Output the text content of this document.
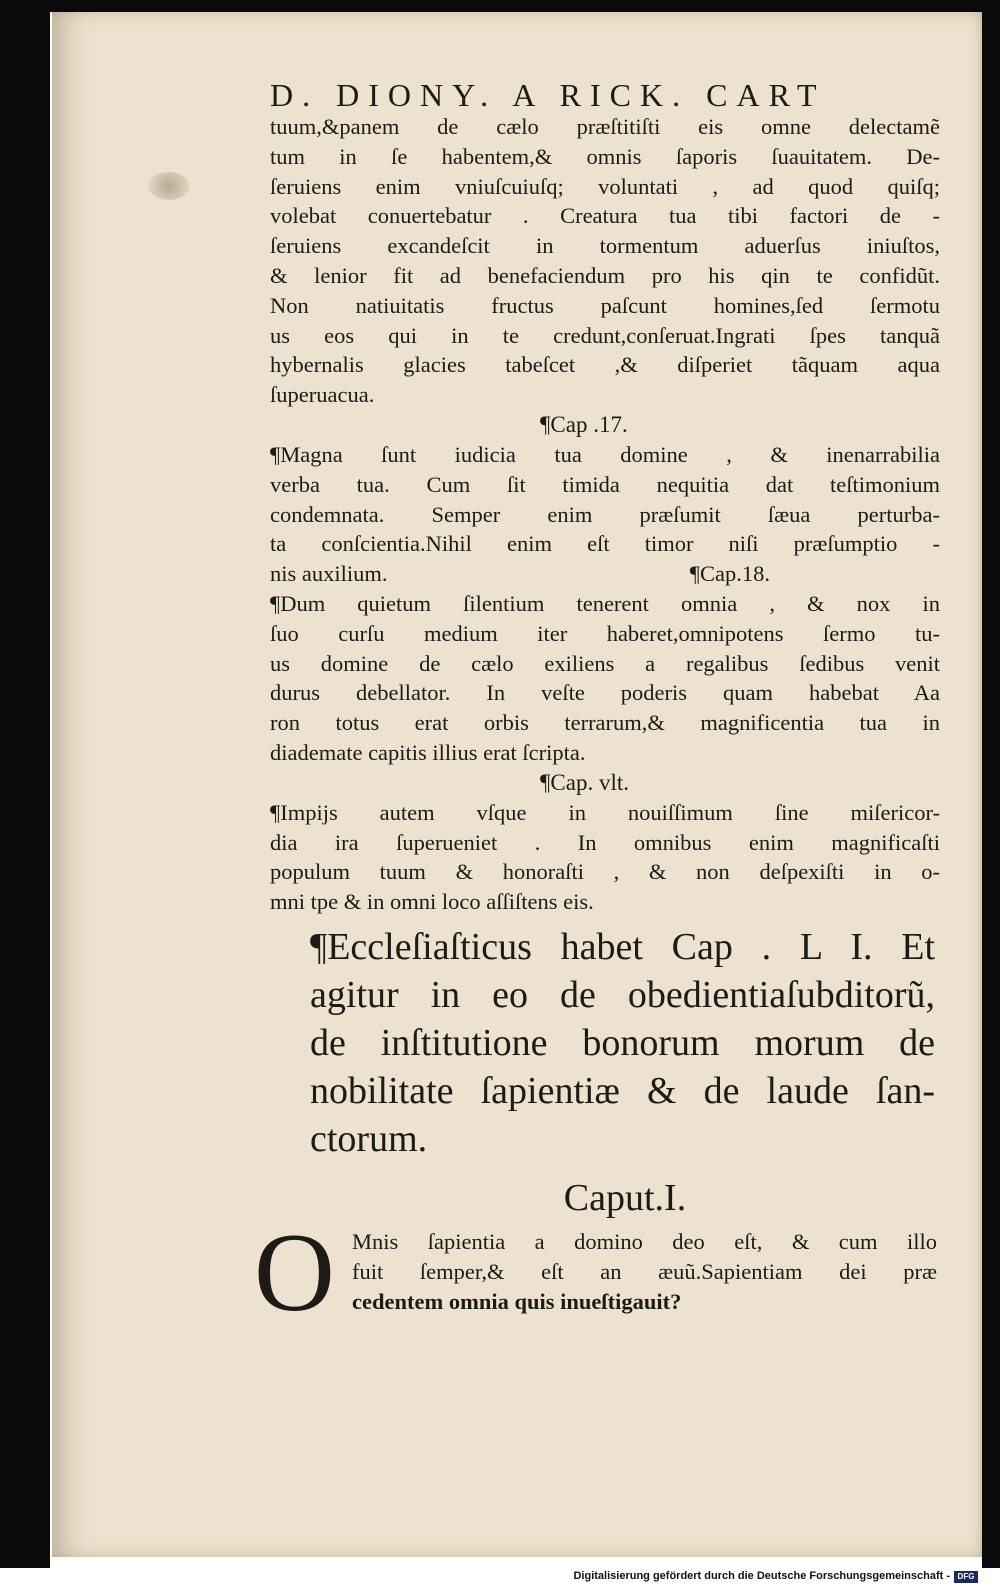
D. DIONY. A RICK. CART
tuum,&panem de cælo præſtitiſti eis omne delectamẽ
tum in ſe habentem,& omnis ſaporis ſuauitatem. De-
ſeruiens enim vniuſcuiuſq; voluntati , ad quod quiſq;
volebat conuertebatur . Creatura tua tibi factori de -
ſeruiens excandeſcit in tormentum aduerſus iniuſtos,
& lenior fit ad benefaciendum pro his qin te confidũt.
Non natiuitatis fructus paſcunt homines,ſed ſermotu
us eos qui in te credunt,conſeruat.Ingrati ſpes tanquã
hybernalis glacies tabeſcet ,& diſperiet tãquam aqua
ſuperuacua.
¶Cap .17.
¶Magna ſunt iudicia tua domine , & inenarrabilia
verba tua. Cum ſit timida nequitia dat teſtimonium
condemnata. Semper enim præſumit ſæua perturba-
ta conſcientia.Nihil enim eſt timor niſi præſumptio -
nis auxilium.	¶Cap.18.
¶Dum quietum ſilentium tenerent omnia , & nox in
ſuo curſu medium iter haberet,omnipotens ſermo tu-
us domine de cælo exiliens a regalibus ſedibus venit
durus debellator. In veſte poderis quam habebat Aa
ron totus erat orbis terrarum,& magnificentia tua in
diademate capitis illius erat ſcripta.
¶Cap. vlt.
¶Impijs autem vſque in nouiſſimum ſine miſericor-
dia ira ſuperueniet . In omnibus enim magnificaſti
populum tuum & honoraſti , & non deſpexiſti in o-
mni tpe & in omni loco aſſiſtens eis.
¶Eccleſiaſticus habet Cap . L I. Et
agitur in eo de obedientiaſubditorũ,
de inſtitutione bonorum morum de
nobilitate ſapientiæ & de laude ſan-
ctorum.
Caput.I.
O Mnis ſapientia a domino deo eſt, & cum illo
fuit ſemper,& eſt an æuũ.Sapientiam dei præ
cedentem omnia quis inueſtigauit?
Digitalisierung gefördert durch die Deutsche Forschungsgemeinschaft - DFG
